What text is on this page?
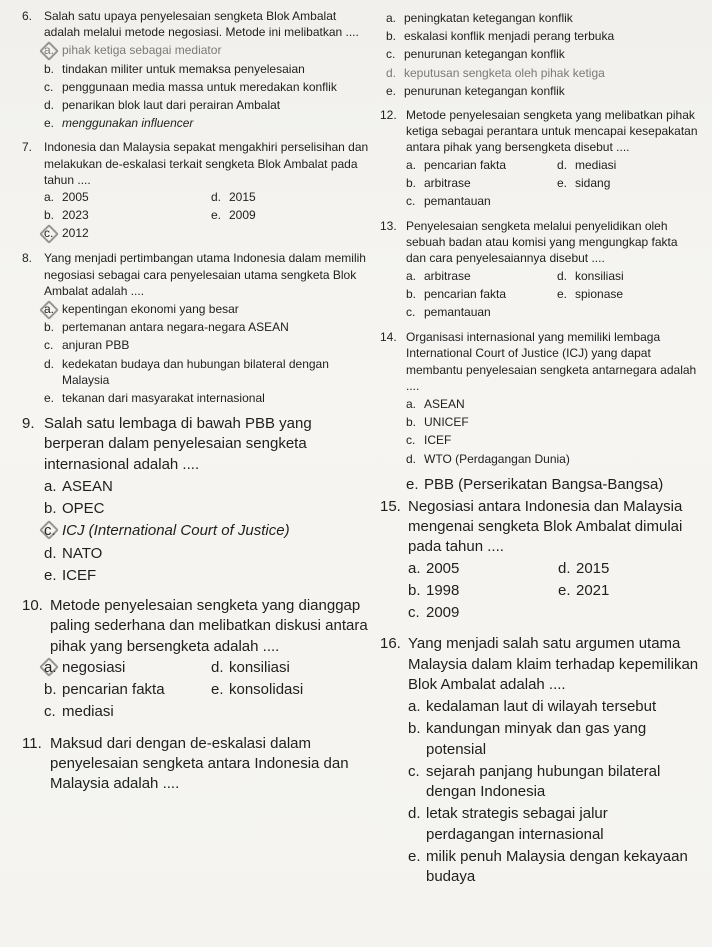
6. Salah satu upaya penyelesaian sengketa Blok Ambalat adalah melalui metode negosiasi. Metode ini melibatkan ....
a. pihak ketiga sebagai mediator
b. tindakan militer untuk memaksa penyelesaian
c. penggunaan media massa untuk meredakan konflik
d. penarikan blok laut dari perairan Ambalat
e. menggunakan influencer
7. Indonesia dan Malaysia sepakat mengakhiri perselisihan dan melakukan de-eskalasi terkait sengketa Blok Ambalat pada tahun ....
a. 2005	d. 2015
b. 2023	e. 2009
c. 2012
8. Yang menjadi pertimbangan utama Indonesia dalam memilih negosiasi sebagai cara penyelesaian utama sengketa Blok Ambalat adalah ....
a. kepentingan ekonomi yang besar
b. pertemanan antara negara-negara ASEAN
c. anjuran PBB
d. kedekatan budaya dan hubungan bilateral dengan Malaysia
e. tekanan dari masyarakat internasional
9. Salah satu lembaga di bawah PBB yang berperan dalam penyelesaian sengketa internasional adalah ....
a. ASEAN
b. OPEC
c. ICJ (International Court of Justice)
d. NATO
e. ICEF
10. Metode penyelesaian sengketa yang dianggap paling sederhana dan melibatkan diskusi antara pihak yang bersengketa adalah ....
a. negosiasi	d. konsiliasi
b. pencarian fakta	e. konsolidasi
c. mediasi
11. Maksud dari dengan de-eskalasi dalam penyelesaian sengketa antara Indonesia dan Malaysia adalah ....
a. peningkatan ketegangan konflik
b. eskalasi konflik menjadi perang terbuka
c. penurunan ketegangan konflik
d. keputusan sengketa oleh pihak ketiga
e. penurunan ketegangan konflik
12. Metode penyelesaian sengketa yang melibatkan pihak ketiga sebagai perantara untuk mencapai kesepakatan antara pihak yang bersengketa disebut ....
a. pencarian fakta	d. mediasi
b. arbitrase	e. sidang
c. pemantauan
13. Penyelesaian sengketa melalui penyelidikan oleh sebuah badan atau komisi yang mengungkap fakta dan cara penyelesaiannya disebut ....
a. arbitrase	d. konsiliasi
b. pencarian fakta	e. spionase
c. pemantauan
14. Organisasi internasional yang memiliki lembaga International Court of Justice (ICJ) yang dapat membantu penyelesaian sengketa antarnegara adalah ....
a. ASEAN
b. UNICEF
c. ICEF
d. WTO (Perdagangan Dunia)
e. PBB (Perserikatan Bangsa-Bangsa)
15. Negosiasi antara Indonesia dan Malaysia mengenai sengketa Blok Ambalat dimulai pada tahun ....
a. 2005	d. 2015
b. 1998	e. 2021
c. 2009
16. Yang menjadi salah satu argumen utama Malaysia dalam klaim terhadap kepemilikan Blok Ambalat adalah ....
a. kedalaman laut di wilayah tersebut
b. kandungan minyak dan gas yang potensial
c. sejarah panjang hubungan bilateral dengan Indonesia
d. letak strategis sebagai jalur perdagangan internasional
e. milik penuh Malaysia dengan kekayaan budaya
